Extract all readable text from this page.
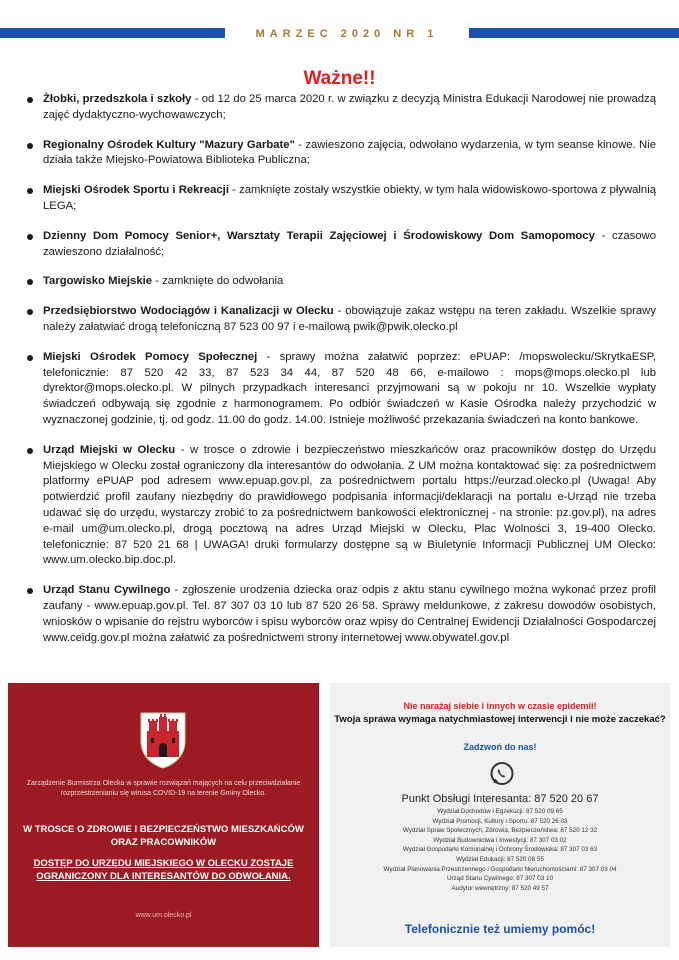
MARZEC 2020 NR 1
Ważne!!
Żłobki, przedszkola i szkoły - od 12 do 25 marca 2020 r. w związku z decyzją Ministra Edukacji Narodowej nie prowadzą zajęć dydaktyczno-wychowawczych;
Regionalny Ośrodek Kultury "Mazury Garbate" - zawieszono zajęcia, odwołano wydarzenia, w tym seanse kinowe. Nie działa także Miejsko-Powiatowa Biblioteka Publiczna;
Miejski Ośrodek Sportu i Rekreacji - zamknięte zostały wszystkie obiekty, w tym hala widowiskowo-sportowa z pływalnią LEGA;
Dzienny Dom Pomocy Senior+, Warsztaty Terapii Zajęciowej i Środowiskowy Dom Samopomocy - czasowo zawieszono działalność;
Targowisko Miejskie - zamknięte do odwołania
Przedsiębiorstwo Wodociągów i Kanalizacji w Olecku - obowiązuje zakaz wstępu na teren zakładu. Wszelkie sprawy należy załatwiać drogą telefoniczną 87 523 00 97 i e-mailową pwik@pwik.olecko.pl
Miejski Ośrodek Pomocy Społecznej - sprawy można załatwić poprzez: ePUAP: /mopswolecku/SkrytkaESP, telefonicznie: 87 520 42 33, 87 523 34 44, 87 520 48 66, e-mailowo : mops@mops.olecko.pl lub dyrektor@mops.olecko.pl. W pilnych przypadkach interesanci przyjmowani są w pokoju nr 10. Wszelkie wypłaty świadczeń odbywają się zgodnie z harmonogramem. Po odbiór świadczeń w Kasie Ośrodka należy przychodzić w wyznaczonej godzinie, tj. od godz. 11.00 do godz. 14.00. Istnieje możliwość przekazania świadczeń na konto bankowe.
Urząd Miejski w Olecku - w trosce o zdrowie i bezpieczeństwo mieszkańców oraz pracowników dostęp do Urzędu Miejskiego w Olecku został ograniczony dla interesantów do odwołania. Z UM można kontaktować się: za pośrednictwem platformy ePUAP pod adresem www.epuap.gov.pl, za pośrednictwem portalu https://eurzad.olecko.pl (Uwaga! Aby potwierdzić profil zaufany niezbędny do prawidłowego podpisania informacji/deklaracji na portalu e-Urząd nie trzeba udawać się do urzędu, wystarczy zrobić to za pośrednictwem bankowości elektronicznej - na stronie: pz.gov.pl), na adres e-mail um@um.olecko.pl, drogą pocztową na adres Urząd Miejski w Olecku, Plac Wolności 3, 19-400 Olecko. telefonicznie: 87 520 21 68 | UWAGA! druki formularzy dostępne są w Biuletynie Informacji Publicznej UM Olecko: www.um.olecko.bip.doc.pl.
Urząd Stanu Cywilnego - zgłoszenie urodzenia dziecka oraz odpis z aktu stanu cywilnego można wykonać przez profil zaufany - www.epuap.gov.pl. Tel. 87 307 03 10 lub 87 520 26 58. Sprawy meldunkowe, z zakresu dowodów osobistych, wniosków o wpisanie do rejstru wyborców i spisu wyborców oraz wpisy do Centralnej Ewidencji Działalności Gospodarczej www.ceidg.gov.pl można załatwić za pośrednictwem strony internetowej www.obywatel.gov.pl
Zarządzenie Burmistrza Olecka w sprawie rozwiązań mających na celu przeciwdziałanie rozprzestrzenianiu się wirusa COVID-19 na terenie Gminy Olecko.
W TROSCE O ZDROWIE I BEZPIECZEŃSTWO MIESZKAŃCÓW ORAZ PRACOWNIKÓW
DOSTĘP DO URZĘDU MIEJSKIEGO W OLECKU ZOSTAJE OGRANICZONY DLA INTERESANTÓW DO ODWOŁANIA.
www.um.olecko.pl
Nie narażaj siebie i innych w czasie epidemii!
Twoja sprawa wymaga natychmiastowej interwencji i nie może zaczekać?
Zadzwoń do nas!
Punkt Obsługi Interesanta: 87 520 20 67
Wydział Dochodów i Egzekucji: 87 520 09 65
Wydział Promocji, Kultury i Sportu: 87 520 26 03
Wydział Spraw Społecznych, Zdrowia, Bezpieczeństwa: 87 520 12 32
Wydział Budownictwa i Inwestycji: 87 307 03 02
Wydział Gospodarki Komunalnej i Ochrony Środowiska: 87 307 03 63
Wydział Edukacji: 87 520 08 55
Wydział Planowania Przestrzennego i Gospodarki Nieruchomościami: 87 307 03 04
Urząd Stanu Cywilnego: 87 307 03 10
Audytor wewnętrzny: 87 520 49 57
Telefonicznie też umiemy pomóc!
